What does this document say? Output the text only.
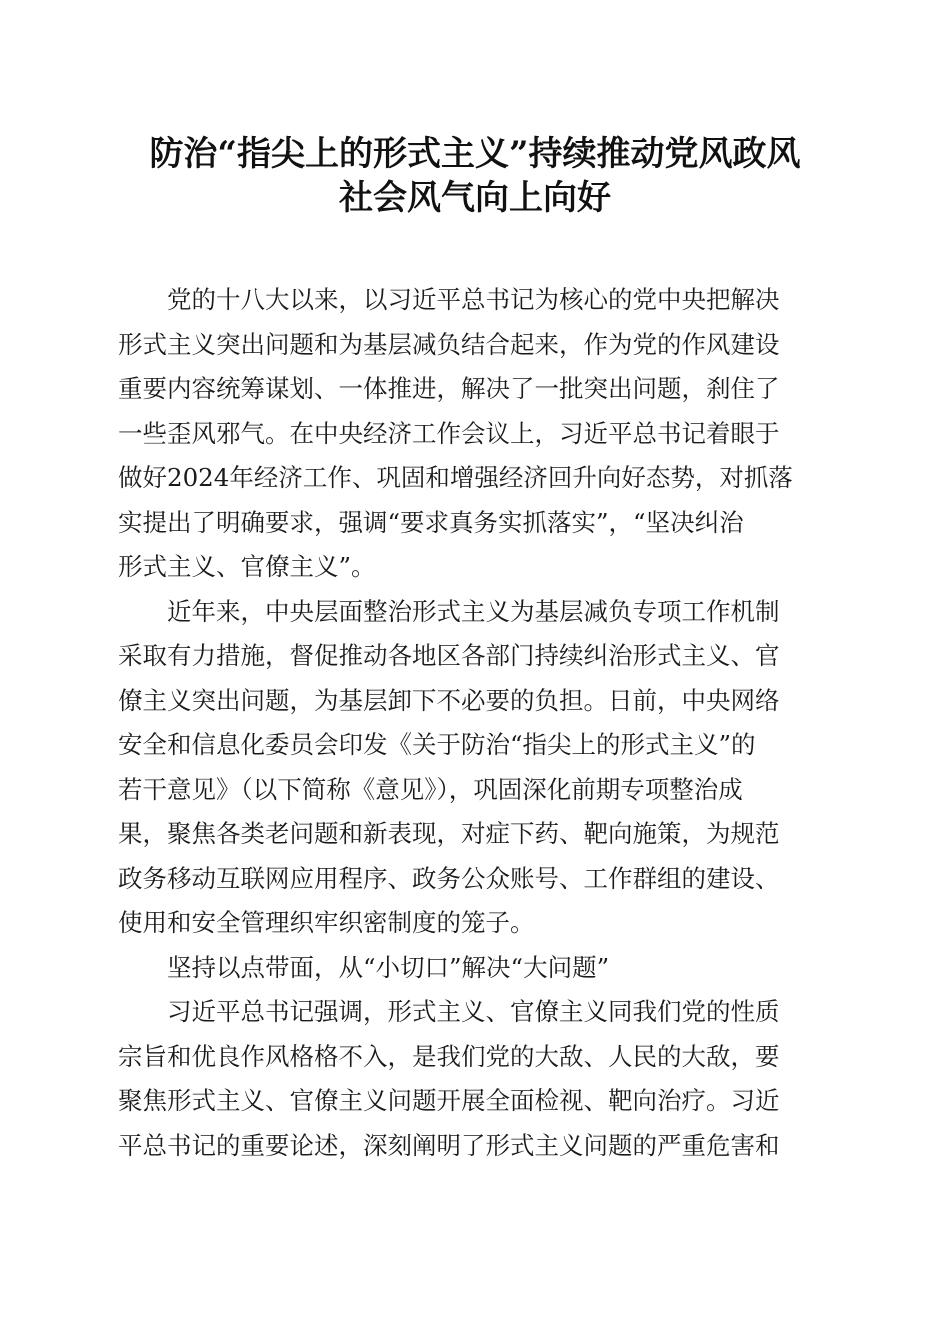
防治“指尖上的形式主义”持续推动党风政风
社会风气向上向好
党的十八大以来，以习近平总书记为核心的党中央把解决
形式主义突出问题和为基层减负结合起来，作为党的作风建设
重要内容统筹谋划、一体推进，解决了一批突出问题，刹住了
一些歪风邪气。在中央经济工作会议上，习近平总书记着眼于
做好2024年经济工作、巩固和增强经济回升向好态势，对抓落
实提出了明确要求，强调“要求真务实抓落实”，“坚决纠治
形式主义、官僚主义”。
近年来，中央层面整治形式主义为基层减负专项工作机制
采取有力措施，督促推动各地区各部门持续纠治形式主义、官
僚主义突出问题，为基层卸下不必要的负担。日前，中央网络
安全和信息化委员会印发《关于防治“指尖上的形式主义”的
若干意见》（以下简称《意见》），巩固深化前期专项整治成
果，聚焦各类老问题和新表现，对症下药、靶向施策，为规范
政务移动互联网应用程序、政务公众账号、工作群组的建设、
使用和安全管理织牢织密制度的笼子。
坚持以点带面，从“小切口”解决“大问题”
习近平总书记强调，形式主义、官僚主义同我们党的性质
宗旨和优良作风格格不入，是我们党的大敌、人民的大敌，要
聚焦形式主义、官僚主义问题开展全面检视、靶向治疗。习近
平总书记的重要论述，深刻阐明了形式主义问题的严重危害和
